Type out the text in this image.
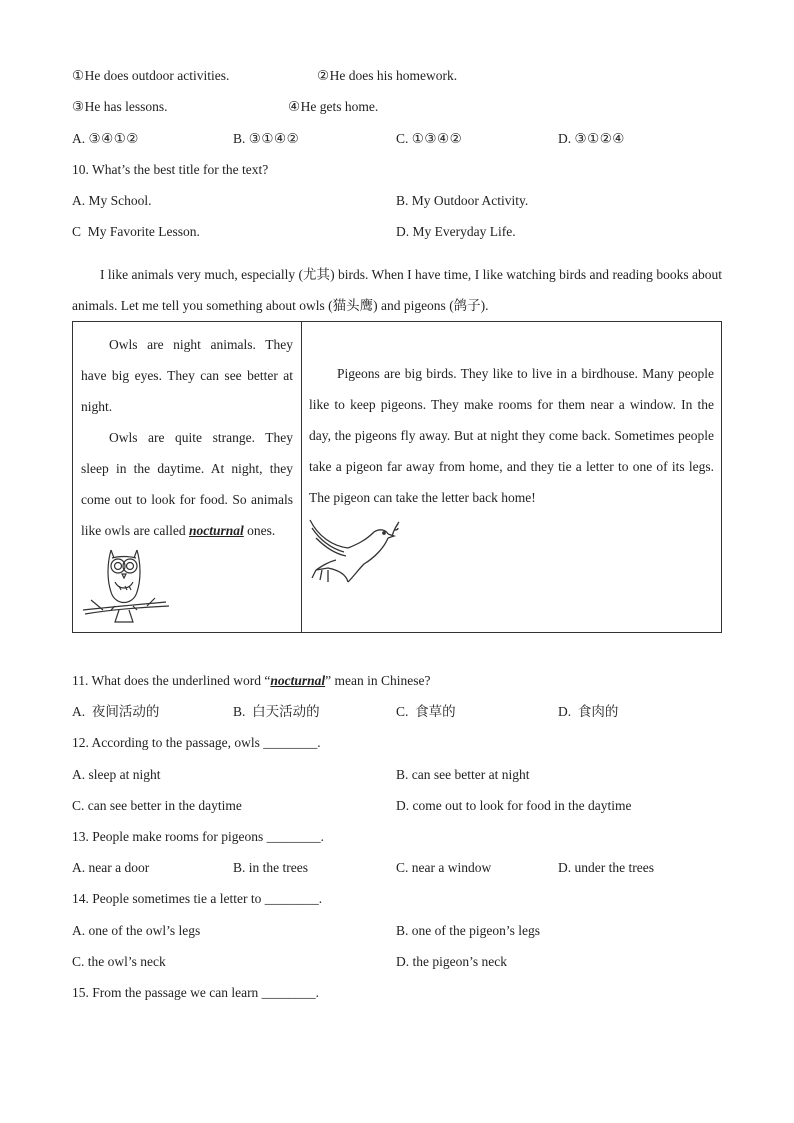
①He does outdoor activities.	②He does his homework.
③He has lessons.	④He gets home.
A. ③④①②	B. ③①④②	C. ①③④②	D. ③①②④
10. What’s the best title for the text?
A. My School.	B. My Outdoor Activity.
C My Favorite Lesson.	D. My Everyday Life.
I like animals very much, especially (尤其) birds. When I have time, I like watching birds and reading books about animals. Let me tell you something about owls (猫头鹰) and pigeons (鸽子).

Owls are night animals. They have big eyes. They can see better at night.

Owls are quite strange. They sleep in the daytime. At night, they come out to look for food. So animals like owls are called nocturnal ones.

Pigeons are big birds. They like to live in a birdhouse. Many people like to keep pigeons. They make rooms for them near a window. In the day, the pigeons fly away. But at night they come back. Sometimes people take a pigeon far away from home, and they tie a letter to one of its legs. The pigeon can take the letter back home!

11. What does the underlined word “nocturnal” mean in Chinese?
A. 夜间活动的	B. 白天活动的	C. 食草的	D. 食肉的
12. According to the passage, owls ________.
A. sleep at night	B. can see better at night
C. can see better in the daytime	D. come out to look for food in the daytime
13. People make rooms for pigeons ________.
A. near a door	B. in the trees	C. near a window	D. under the trees
14. People sometimes tie a letter to ________.
A. one of the owl’s legs	B. one of the pigeon’s legs
C. the owl’s neck	D. the pigeon’s neck
15. From the passage we can learn ________.
